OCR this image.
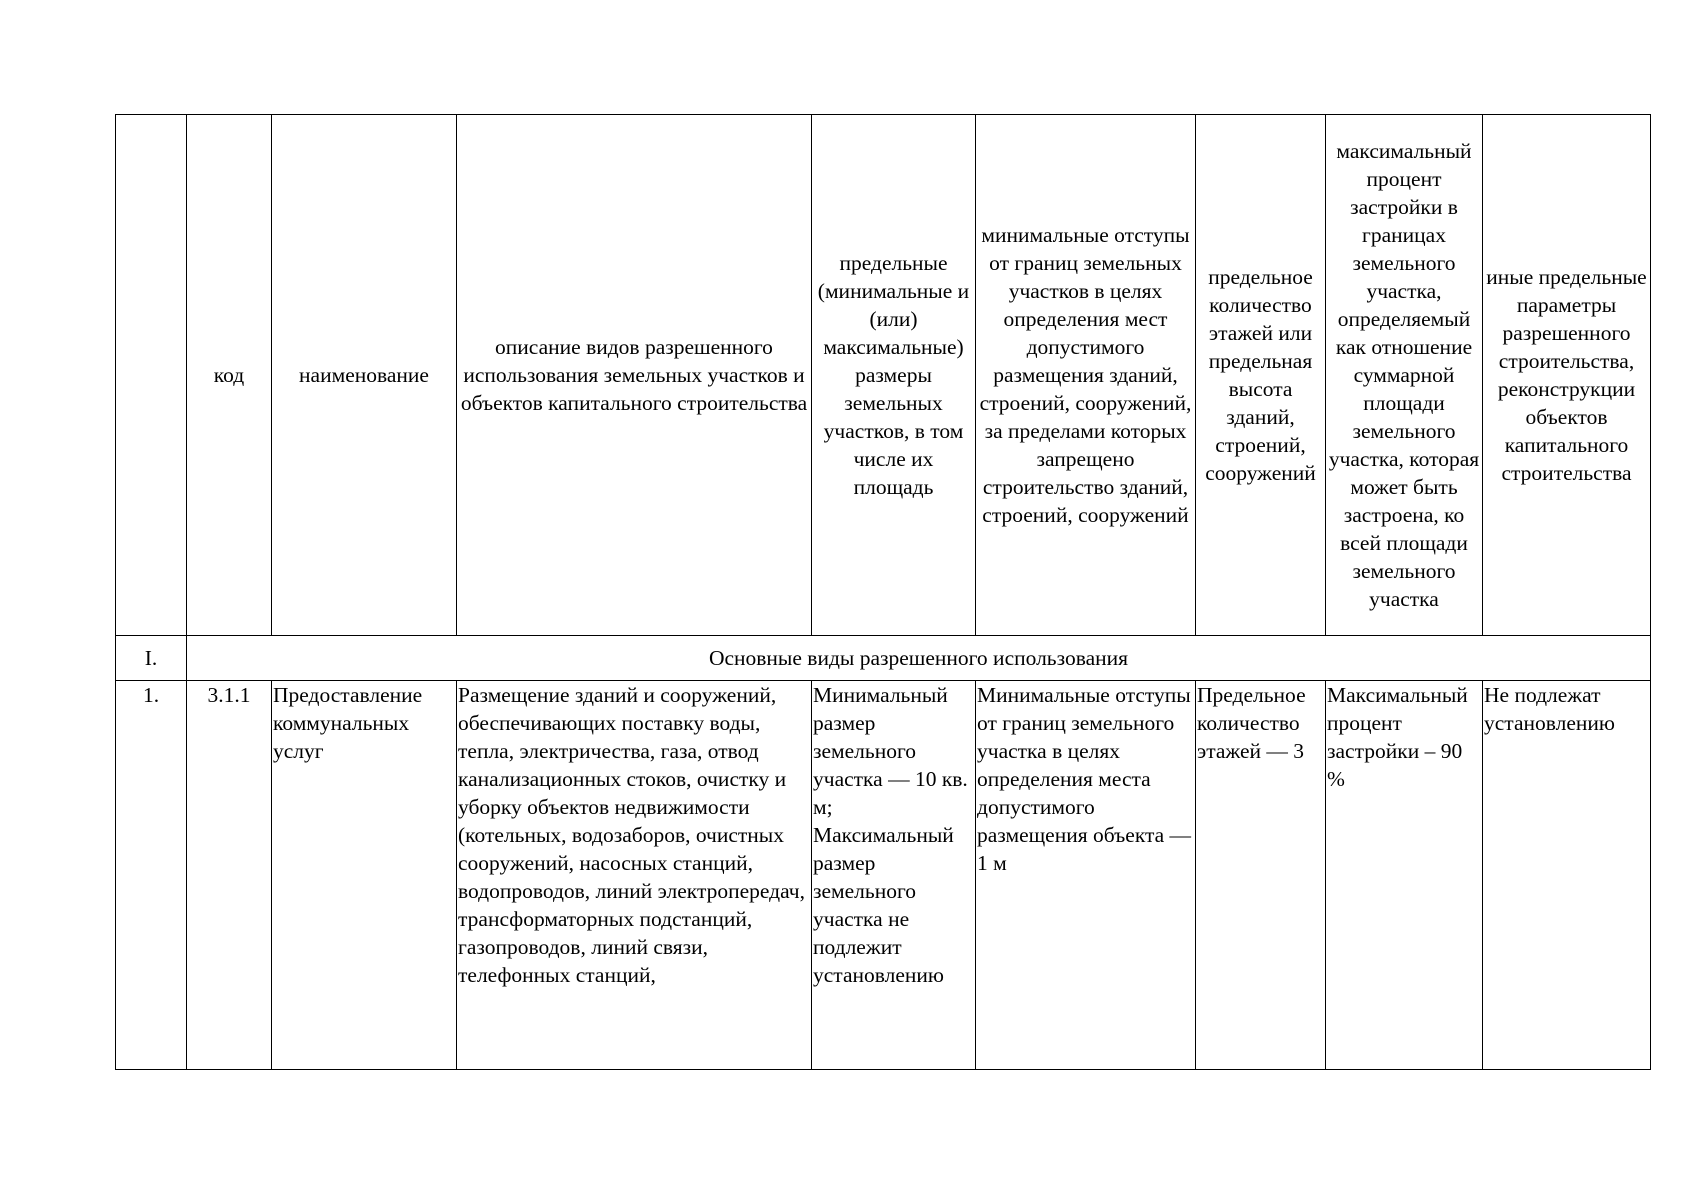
	код	наименование	описание видов разрешенного использования земельных участков и объектов капитального строительства	предельные (минимальные и (или) максимальные) размеры земельных участков, в том числе их площадь	минимальные отступы от границ земельных участков в целях определения мест допустимого размещения зданий, строений, сооружений, за пределами которых запрещено строительство зданий, строений, сооружений	предельное количество этажей или предельная высота зданий, строений, сооружений	максимальный процент застройки в границах земельного участка, определяемый как отношение суммарной площади земельного участка, которая может быть застроена, ко всей площади земельного участка	иные предельные параметры разрешенного строительства, реконструкции объектов капитального строительства

I.	Основные виды разрешенного использования							
1.	3.1.1	Предоставление коммунальных услуг	Размещение зданий и сооружений, обеспечивающих поставку воды, тепла, электричества, газа, отвод канализационных стоков, очистку и уборку объектов недвижимости (котельных, водозаборов, очистных сооружений, насосных станций, водопроводов, линий электропередач, трансформаторных подстанций, газопроводов, линий связи, телефонных станций,	Минимальный размер земельного участка — 10 кв. м; Максимальный размер земельного участка не подлежит установлению	Минимальные отступы от границ земельного участка в целях определения места допустимого размещения объекта — 1 м	Предельное количество этажей — 3	Максимальный процент застройки – 90 %	Не подлежат установлению
